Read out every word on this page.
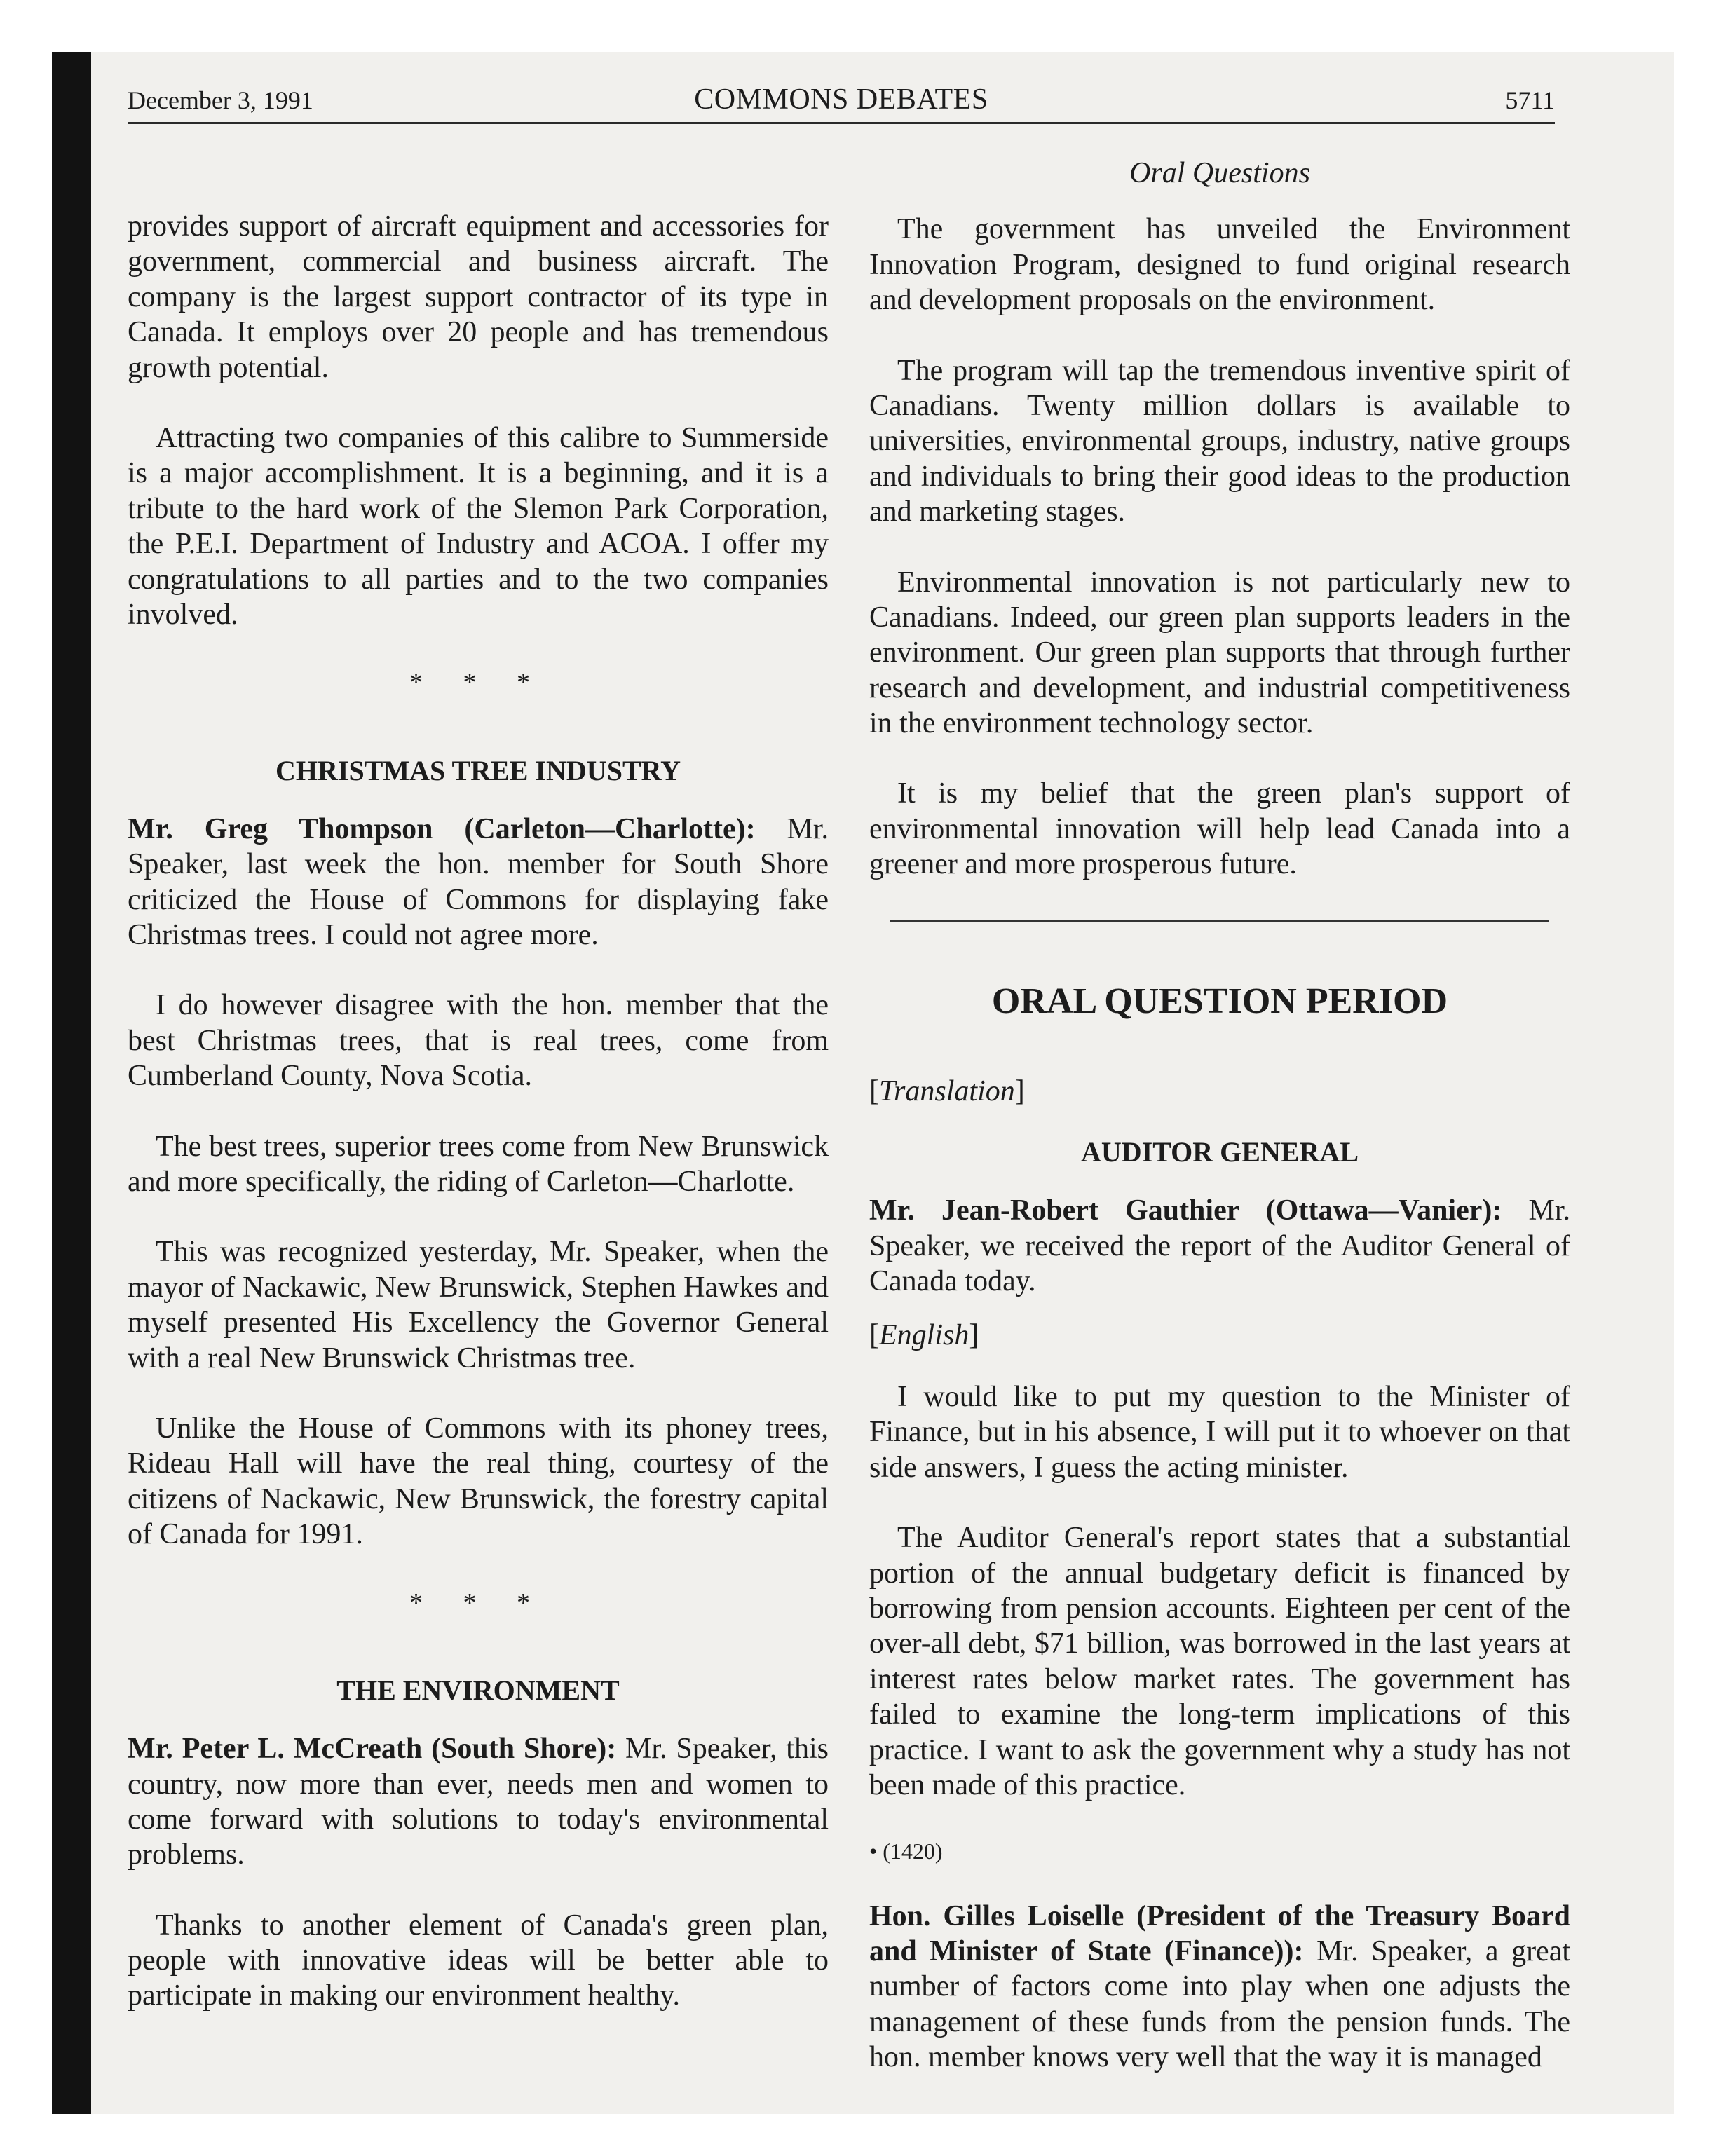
December 3, 1991	COMMONS DEBATES	5711

provides support of aircraft equipment and accessories for government, commercial and business aircraft. The company is the largest support contractor of its type in Canada. It employs over 20 people and has tremendous growth potential.

Attracting two companies of this calibre to Summerside is a major accomplishment. It is a beginning, and it is a tribute to the hard work of the Slemon Park Corporation, the P.E.I. Department of Industry and ACOA. I offer my congratulations to all parties and to the two companies involved.

* * *
CHRISTMAS TREE INDUSTRY

Mr. Greg Thompson (Carleton—Charlotte): Mr. Speaker, last week the hon. member for South Shore criticized the House of Commons for displaying fake Christmas trees. I could not agree more.

I do however disagree with the hon. member that the best Christmas trees, that is real trees, come from Cumberland County, Nova Scotia.

The best trees, superior trees come from New Brunswick and more specifically, the riding of Carleton—Charlotte.

This was recognized yesterday, Mr. Speaker, when the mayor of Nackawic, New Brunswick, Stephen Hawkes and myself presented His Excellency the Governor General with a real New Brunswick Christmas tree.

Unlike the House of Commons with its phoney trees, Rideau Hall will have the real thing, courtesy of the citizens of Nackawic, New Brunswick, the forestry capital of Canada for 1991.

* * *
THE ENVIRONMENT

Mr. Peter L. McCreath (South Shore): Mr. Speaker, this country, now more than ever, needs men and women to come forward with solutions to today's environmental problems.

Thanks to another element of Canada's green plan, people with innovative ideas will be better able to participate in making our environment healthy.

Oral Questions

The government has unveiled the Environment Innovation Program, designed to fund original research and development proposals on the environment.

The program will tap the tremendous inventive spirit of Canadians. Twenty million dollars is available to universities, environmental groups, industry, native groups and individuals to bring their good ideas to the production and marketing stages.

Environmental innovation is not particularly new to Canadians. Indeed, our green plan supports leaders in the environment. Our green plan supports that through further research and development, and industrial competitiveness in the environment technology sector.

It is my belief that the green plan's support of environmental innovation will help lead Canada into a greener and more prosperous future.

ORAL QUESTION PERIOD
[Translation]
AUDITOR GENERAL

Mr. Jean-Robert Gauthier (Ottawa—Vanier): Mr. Speaker, we received the report of the Auditor General of Canada today.

[English]

I would like to put my question to the Minister of Finance, but in his absence, I will put it to whoever on that side answers, I guess the acting minister.

The Auditor General's report states that a substantial portion of the annual budgetary deficit is financed by borrowing from pension accounts. Eighteen per cent of the over-all debt, $71 billion, was borrowed in the last years at interest rates below market rates. The government has failed to examine the long-term implications of this practice. I want to ask the government why a study has not been made of this practice.

• (1420)

Hon. Gilles Loiselle (President of the Treasury Board and Minister of State (Finance)): Mr. Speaker, a great number of factors come into play when one adjusts the management of these funds from the pension funds. The hon. member knows very well that the way it is managed
